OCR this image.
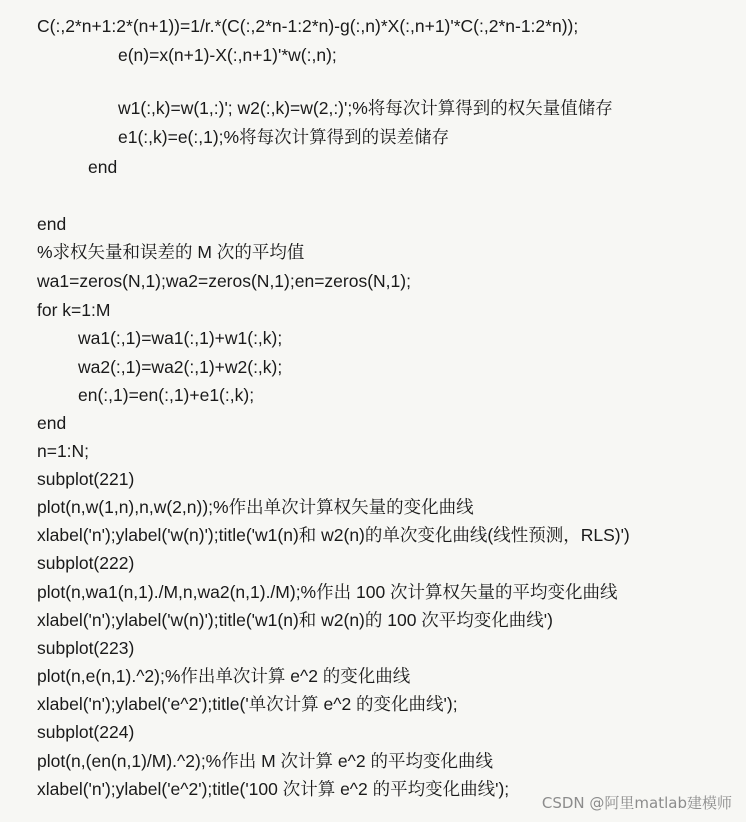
C(:,2*n+1:2*(n+1))=1/r.*(C(:,2*n-1:2*n)-g(:,n)*X(:,n+1)'*C(:,2*n-1:2*n));
e(n)=x(n+1)-X(:,n+1)'*w(:,n);
w1(:,k)=w(1,:)'; w2(:,k)=w(2,:)';%将每次计算得到的权矢量值储存
e1(:,k)=e(:,1);%将每次计算得到的误差储存
end
end
%求权矢量和误差的 M 次的平均值
wa1=zeros(N,1);wa2=zeros(N,1);en=zeros(N,1);
for k=1:M
wa1(:,1)=wa1(:,1)+w1(:,k);
wa2(:,1)=wa2(:,1)+w2(:,k);
en(:,1)=en(:,1)+e1(:,k);
end
n=1:N;
subplot(221)
plot(n,w(1,n),n,w(2,n));%作出单次计算权矢量的变化曲线
xlabel('n');ylabel('w(n)');title('w1(n)和 w2(n)的单次变化曲线(线性预测，RLS)')
subplot(222)
plot(n,wa1(n,1)./M,n,wa2(n,1)./M);%作出 100 次计算权矢量的平均变化曲线
xlabel('n');ylabel('w(n)');title('w1(n)和 w2(n)的 100 次平均变化曲线')
subplot(223)
plot(n,e(n,1).^2);%作出单次计算 e^2 的变化曲线
xlabel('n');ylabel('e^2');title('单次计算 e^2 的变化曲线');
subplot(224)
plot(n,(en(n,1)/M).^2);%作出 M 次计算 e^2 的平均变化曲线
xlabel('n');ylabel('e^2');title('100 次计算 e^2 的平均变化曲线');
CSDN @阿里matlab建模师
